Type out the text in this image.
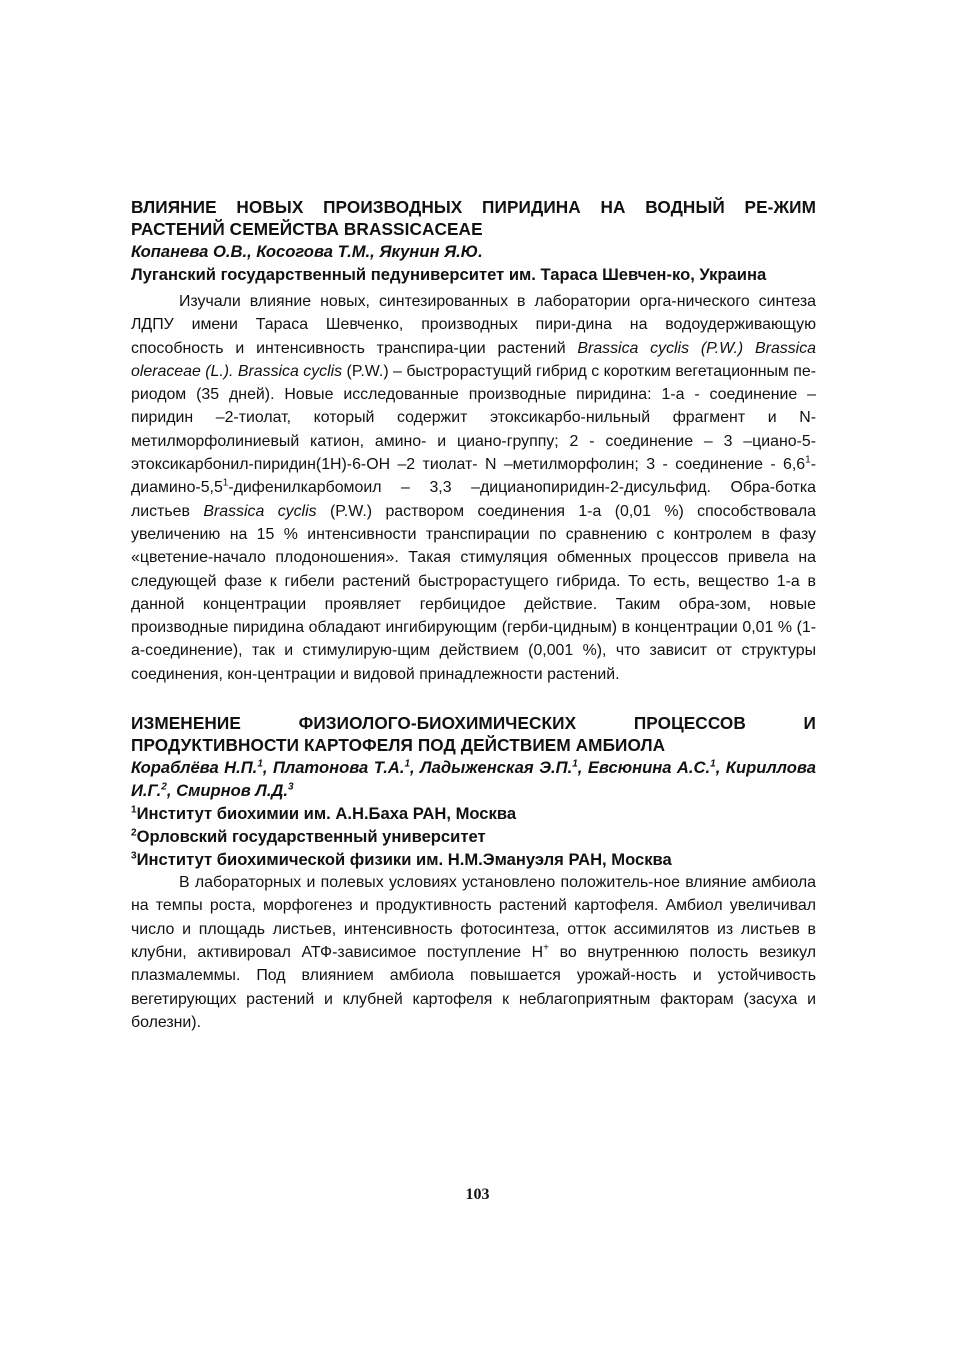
ВЛИЯНИЕ НОВЫХ ПРОИЗВОДНЫХ ПИРИДИНА НА ВОДНЫЙ РЕ-ЖИМ РАСТЕНИЙ СЕМЕЙСТВА BRASSICACEAE

Копанева О.В., Косогова Т.М., Якунин Я.Ю.

Луганский государственный педуниверситет им. Тараса Шевчен-ко, Украина

Изучали влияние новых, синтезированных в лаборатории орга-нического синтеза ЛДПУ имени Тараса Шевченко, производных пири-дина на водоудерживающую способность и интенсивность транспира-ции растений Brassica cyclis (P.W.) Brassica oleraceae (L.). Brassica cyclis (P.W.) – быстрорастущий гибрид с коротким вегетационным пе-риодом (35 дней). Новые исследованные производные пиридина: 1-а - соединение – пиридин –2-тиолат, который содержит этоксикарбо-нильный фрагмент и N-метилморфолиниевый катион, амино- и циано-группу; 2 - соединение – 3 –циано-5-этоксикарбонил-пиридин(1H)-6-OH –2 тиолат- N –метилморфолин; 3 - соединение - $6,6^1-$ диамино-$5,5^1$-дифенилкарбомоил – 3,3 –дицианопиридин-2-дисульфид. Обра-ботка листьев Brassica cyclis (P.W.) раствором соединения 1-а (0,01 %) способствовала увеличению на 15 % интенсивности транспирации по сравнению с контролем в фазу «цветение-начало плодоношения». Такая стимуляция обменных процессов привела на следующей фазе к гибели растений быстрорастущего гибрида. То есть, вещество 1-а в данной концентрации проявляет гербицидое действие. Таким обра-зом, новые производные пиридина обладают ингибирующим (герби-цидным) в концентрации 0,01 % (1-а-соединение), так и стимулирую-щим действием (0,001 %), что зависит от структуры соединения, кон-центрации и видовой принадлежности растений.

ИЗМЕНЕНИЕ ФИЗИОЛОГО-БИОХИМИЧЕСКИХ ПРОЦЕССОВ И

ПРОДУКТИВНОСТИ КАРТОФЕЛЯ ПОД ДЕЙСТВИЕМ АМБИОЛА

Кораблёва Н.П.$^1$, Платонова Т.А.$^1$, Ладыженская Э.П.$^1$, Евсюнина А.С.$^1$, Кириллова И.Г.$^2$, Смирнов Л.Д.$^3$

$^1$Институт биохимии им. А.Н.Баха РАН, Москва

$^2$Орловский государственный университет

$^3$Институт биохимической физики им. Н.М.Эмануэля РАН, Москва

В лабораторных и полевых условиях установлено положитель-ное влияние амбиола на темпы роста, морфогенез и продуктивность растений картофеля. Амбиол увеличивал число и площадь листьев, интенсивность фотосинтеза, отток ассимилятов из листьев в клубни, активировал АТФ-зависимое поступление H+ во внутреннюю полость везикул плазмалеммы. Под влиянием амбиола повышается урожай-ность и устойчивость вегетирующих растений и клубней картофеля к неблагоприятным факторам (засуха и болезни).

103
